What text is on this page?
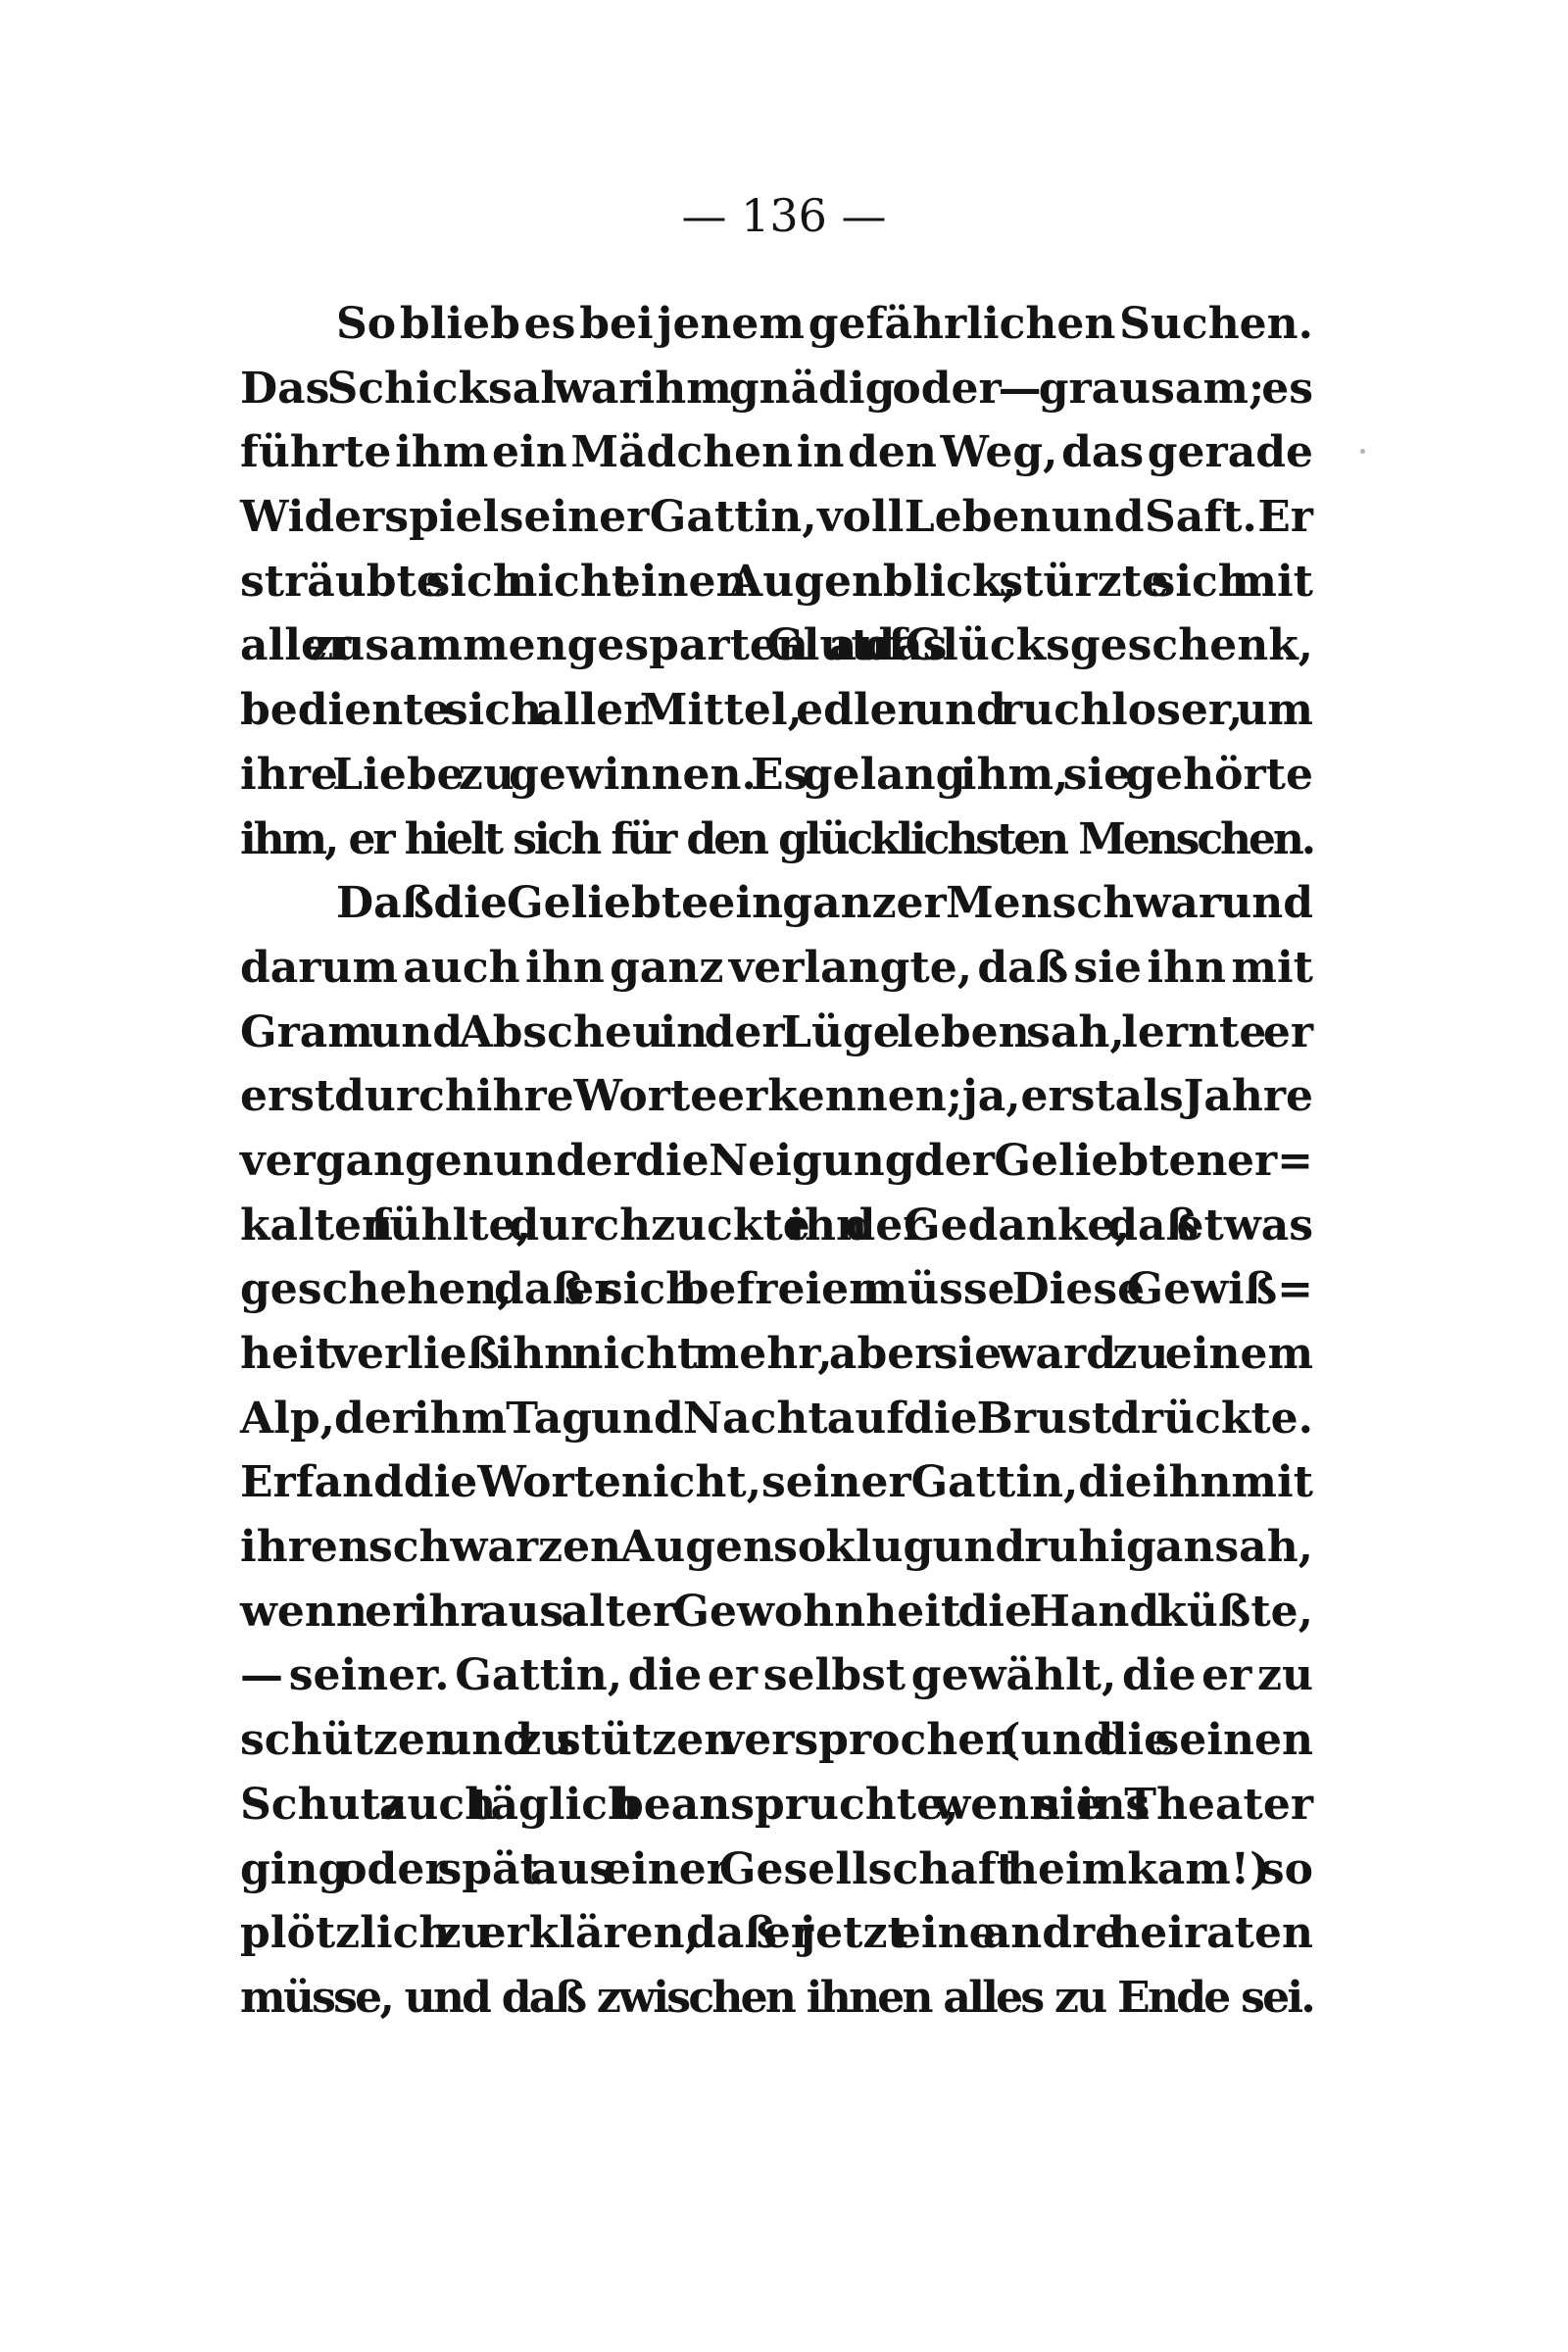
— 136 —
So blieb es bei jenem gefährlichen Suchen.
Das Schicksal war ihm gnädig oder — grausam; es
führte ihm ein Mädchen in den Weg, das gerade
Widerspiel seiner Gattin, voll Leben und Saft. Er
sträubte sich nicht einen Augenblick, stürzte sich mit
aller zusammengesparten Glut auf das Glücksgeschenk,
bediente sich aller Mittel, edler und ruchloser, um
ihre Liebe zu gewinnen. Es gelang ihm, sie gehörte
ihm, er hielt sich für den glücklichsten Menschen.
Daß die Geliebte ein ganzer Mensch war und
darum auch ihn ganz verlangte, daß sie ihn mit
Gram und Abscheu in der Lüge leben sah, lernte er
erst durch ihre Worte erkennen; ja, erst als Jahre
vergangen und er die Neigung der Geliebten er=
kalten fühlte, durchzuckte ihn der Gedanke, daß etwas
geschehen, daß er sich befreien müsse. Diese Gewiß=
heit verließ ihn nicht mehr, aber sie ward zu einem
Alp, der ihm Tag und Nacht auf die Brust drückte.
Er fand die Worte nicht, seiner Gattin, die ihn mit
ihren schwarzen Augen so klug und ruhig ansah,
wenn er ihr aus alter Gewohnheit die Hand küßte,
— seiner. Gattin, die er selbst gewählt, die er zu
schützen und zu stützen versprochen (und die seinen
Schutz auch täglich beanspruchte, wenn sie ins Theater
ging oder spät aus einer Gesellschaft heimkam!) so
plötzlich zu erklären, daß er jetzt eine andre heiraten
müsse, und daß zwischen ihnen alles zu Ende sei.
